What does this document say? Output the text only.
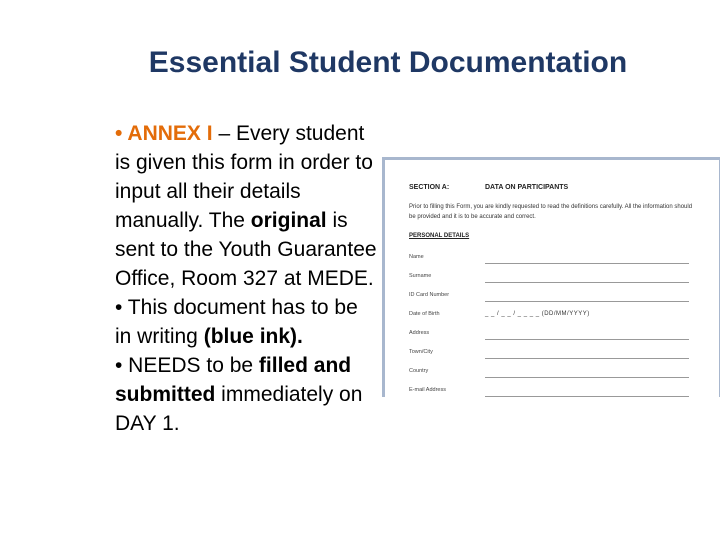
Essential Student Documentation

• ANNEX I – Every student is given this form in order to input all their details manually. The original is sent to the Youth Guarantee Office, Room 327 at MEDE.

• This document has to be in writing (blue ink).

• NEEDS to be filled and submitted immediately on DAY 1.

SECTION A:	DATA ON PARTICIPANTS
Prior to filling this Form, you are kindly requested to read the definitions carefully. All the information should be provided and it is to be accurate and correct.
PERSONAL DETAILS
Name
Surname
ID Card Number
Date of Birth	_ _ / _ _ / _ _ _ _ (DD/MM/YYYY)
Address
Town/City
Country
E-mail Address
